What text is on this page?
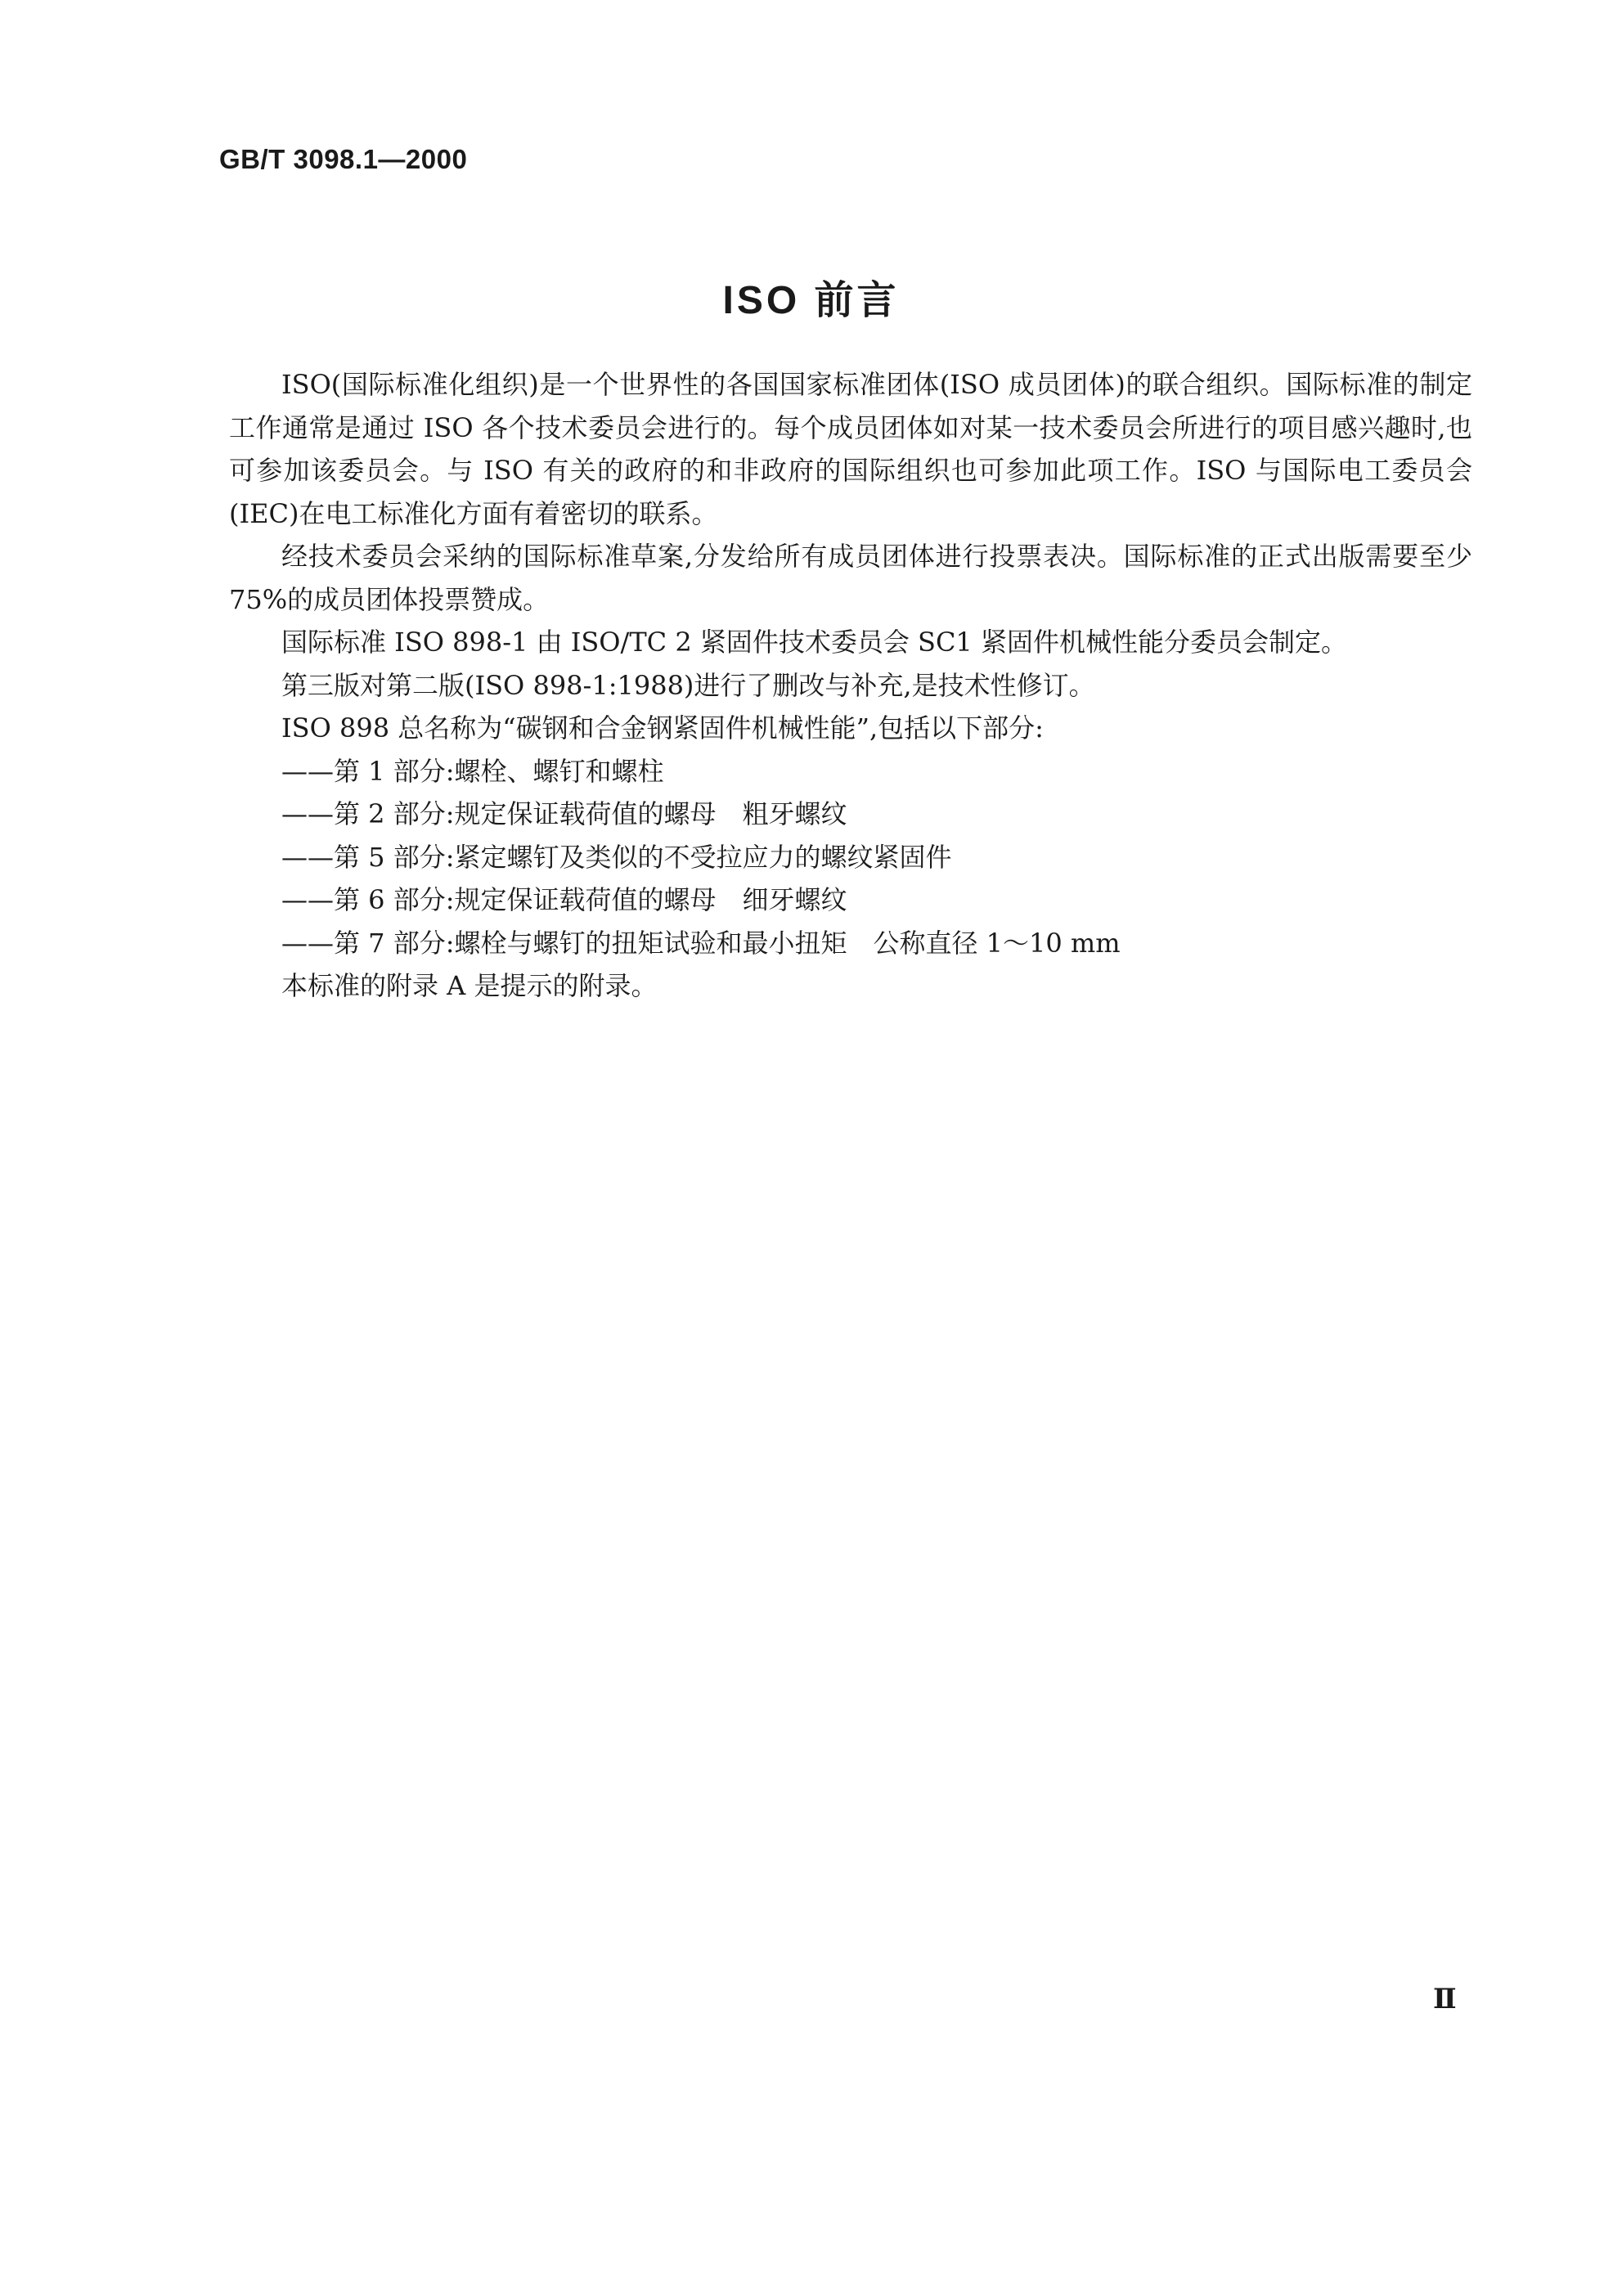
GB/T 3098.1—2000
ISO 前言

ISO(国际标准化组织)是一个世界性的各国国家标准团体(ISO 成员团体)的联合组织。国际标准的制定工作通常是通过 ISO 各个技术委员会进行的。每个成员团体如对某一技术委员会所进行的项目感兴趣时,也可参加该委员会。与 ISO 有关的政府的和非政府的国际组织也可参加此项工作。ISO 与国际电工委员会(IEC)在电工标准化方面有着密切的联系。

经技术委员会采纳的国际标准草案,分发给所有成员团体进行投票表决。国际标准的正式出版需要至少 75%的成员团体投票赞成。

国际标准 ISO 898-1 由 ISO/TC 2 紧固件技术委员会 SC1 紧固件机械性能分委员会制定。

第三版对第二版(ISO 898-1:1988)进行了删改与补充,是技术性修订。

ISO 898 总名称为“碳钢和合金钢紧固件机械性能”,包括以下部分:

——第 1 部分:螺栓、螺钉和螺柱

——第 2 部分:规定保证载荷值的螺母　粗牙螺纹

——第 5 部分:紧定螺钉及类似的不受拉应力的螺纹紧固件

——第 6 部分:规定保证载荷值的螺母　细牙螺纹

——第 7 部分:螺栓与螺钉的扭矩试验和最小扭矩　公称直径 1～10 mm

本标准的附录 A 是提示的附录。

Ⅱ
